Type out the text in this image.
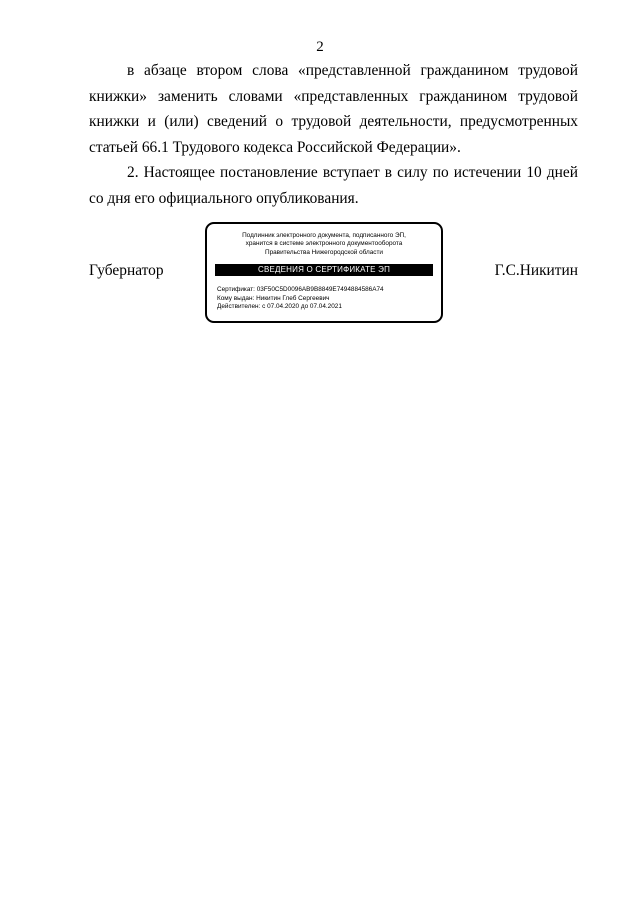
2

в абзаце втором слова «представленной гражданином трудовой книжки» заменить словами «представленных гражданином трудовой книжки и (или) сведений о трудовой деятельности, предусмотренных статьей 66.1 Трудового кодекса Российской Федерации».

2. Настоящее постановление вступает в силу по истечении 10 дней со дня его официального опубликования.

Губернатор
Подлинник электронного документа, подписанного ЭП,
хранится в системе электронного документооборота
Правительства Нижегородской области
СВЕДЕНИЯ О СЕРТИФИКАТЕ ЭП
Сертификат: 03F50C5D0096AB9B8849E7494884586A74
Кому выдан: Никитин Глеб Сергеевич
Действителен: с 07.04.2020 до 07.04.2021
Г.С.Никитин
